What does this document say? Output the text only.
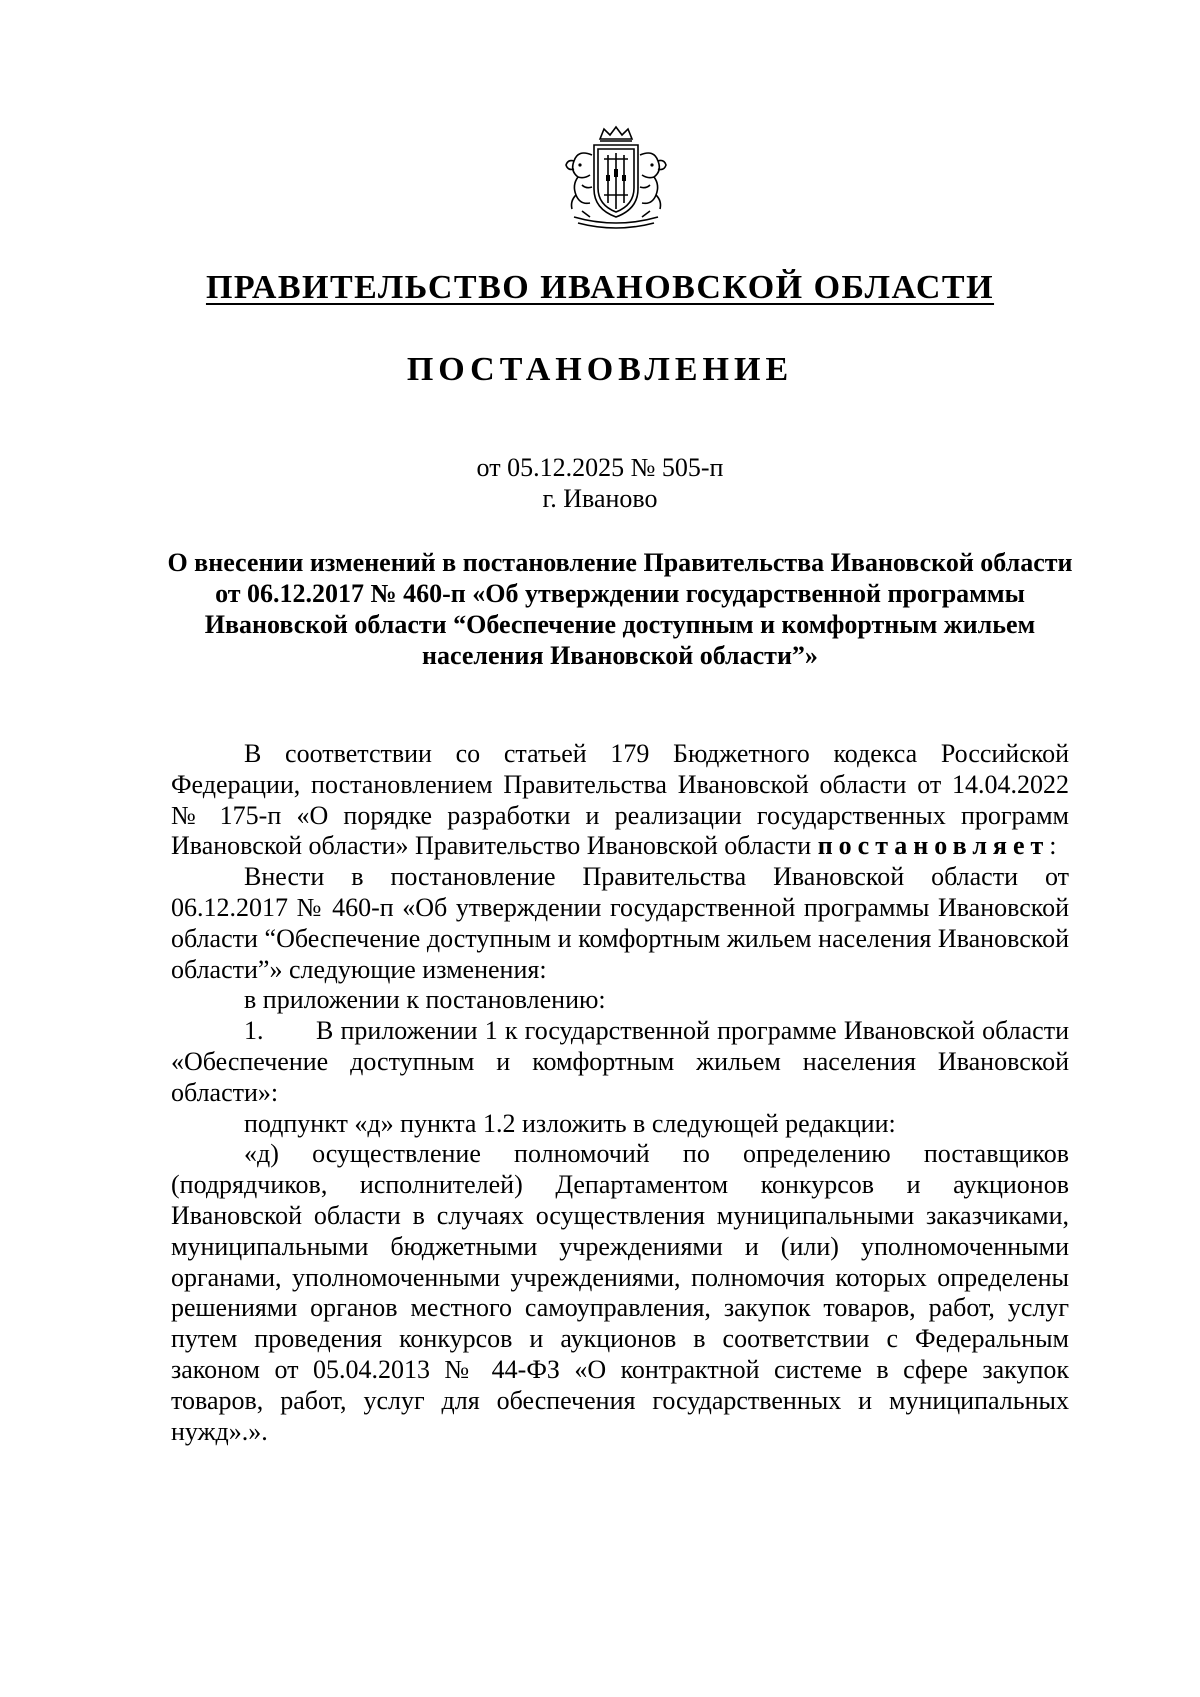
ПРАВИТЕЛЬСТВО ИВАНОВСКОЙ ОБЛАСТИ
ПОСТАНОВЛЕНИЕ
от 05.12.2025 № 505-п
г. Иваново
О внесении изменений в постановление Правительства Ивановской области от 06.12.2017 № 460-п «Об утверждении государственной программы Ивановской области “Обеспечение доступным и комфортным жильем населения Ивановской области”»

В соответствии со статьей 179 Бюджетного кодекса Российской Федерации, постановлением Правительства Ивановской области от 14.04.2022 № 175-п «О порядке разработки и реализации государственных программ Ивановской области» Правительство Ивановской области постановляет:

Внести в постановление Правительства Ивановской области от 06.12.2017 № 460-п «Об утверждении государственной программы Ивановской области “Обеспечение доступным и комфортным жильем населения Ивановской области”» следующие изменения:

в приложении к постановлению:

1. В приложении 1 к государственной программе Ивановской области «Обеспечение доступным и комфортным жильем населения Ивановской области»:

подпункт «д» пункта 1.2 изложить в следующей редакции:

«д) осуществление полномочий по определению поставщиков (подрядчиков, исполнителей) Департаментом конкурсов и аукционов Ивановской области в случаях осуществления муниципальными заказчиками, муниципальными бюджетными учреждениями и (или) уполномоченными органами, уполномоченными учреждениями, полномочия которых определены решениями органов местного самоуправления, закупок товаров, работ, услуг путем проведения конкурсов и аукционов в соответствии с Федеральным законом от 05.04.2013 № 44-ФЗ «О контрактной системе в сфере закупок товаров, работ, услуг для обеспечения государственных и муниципальных нужд».».
